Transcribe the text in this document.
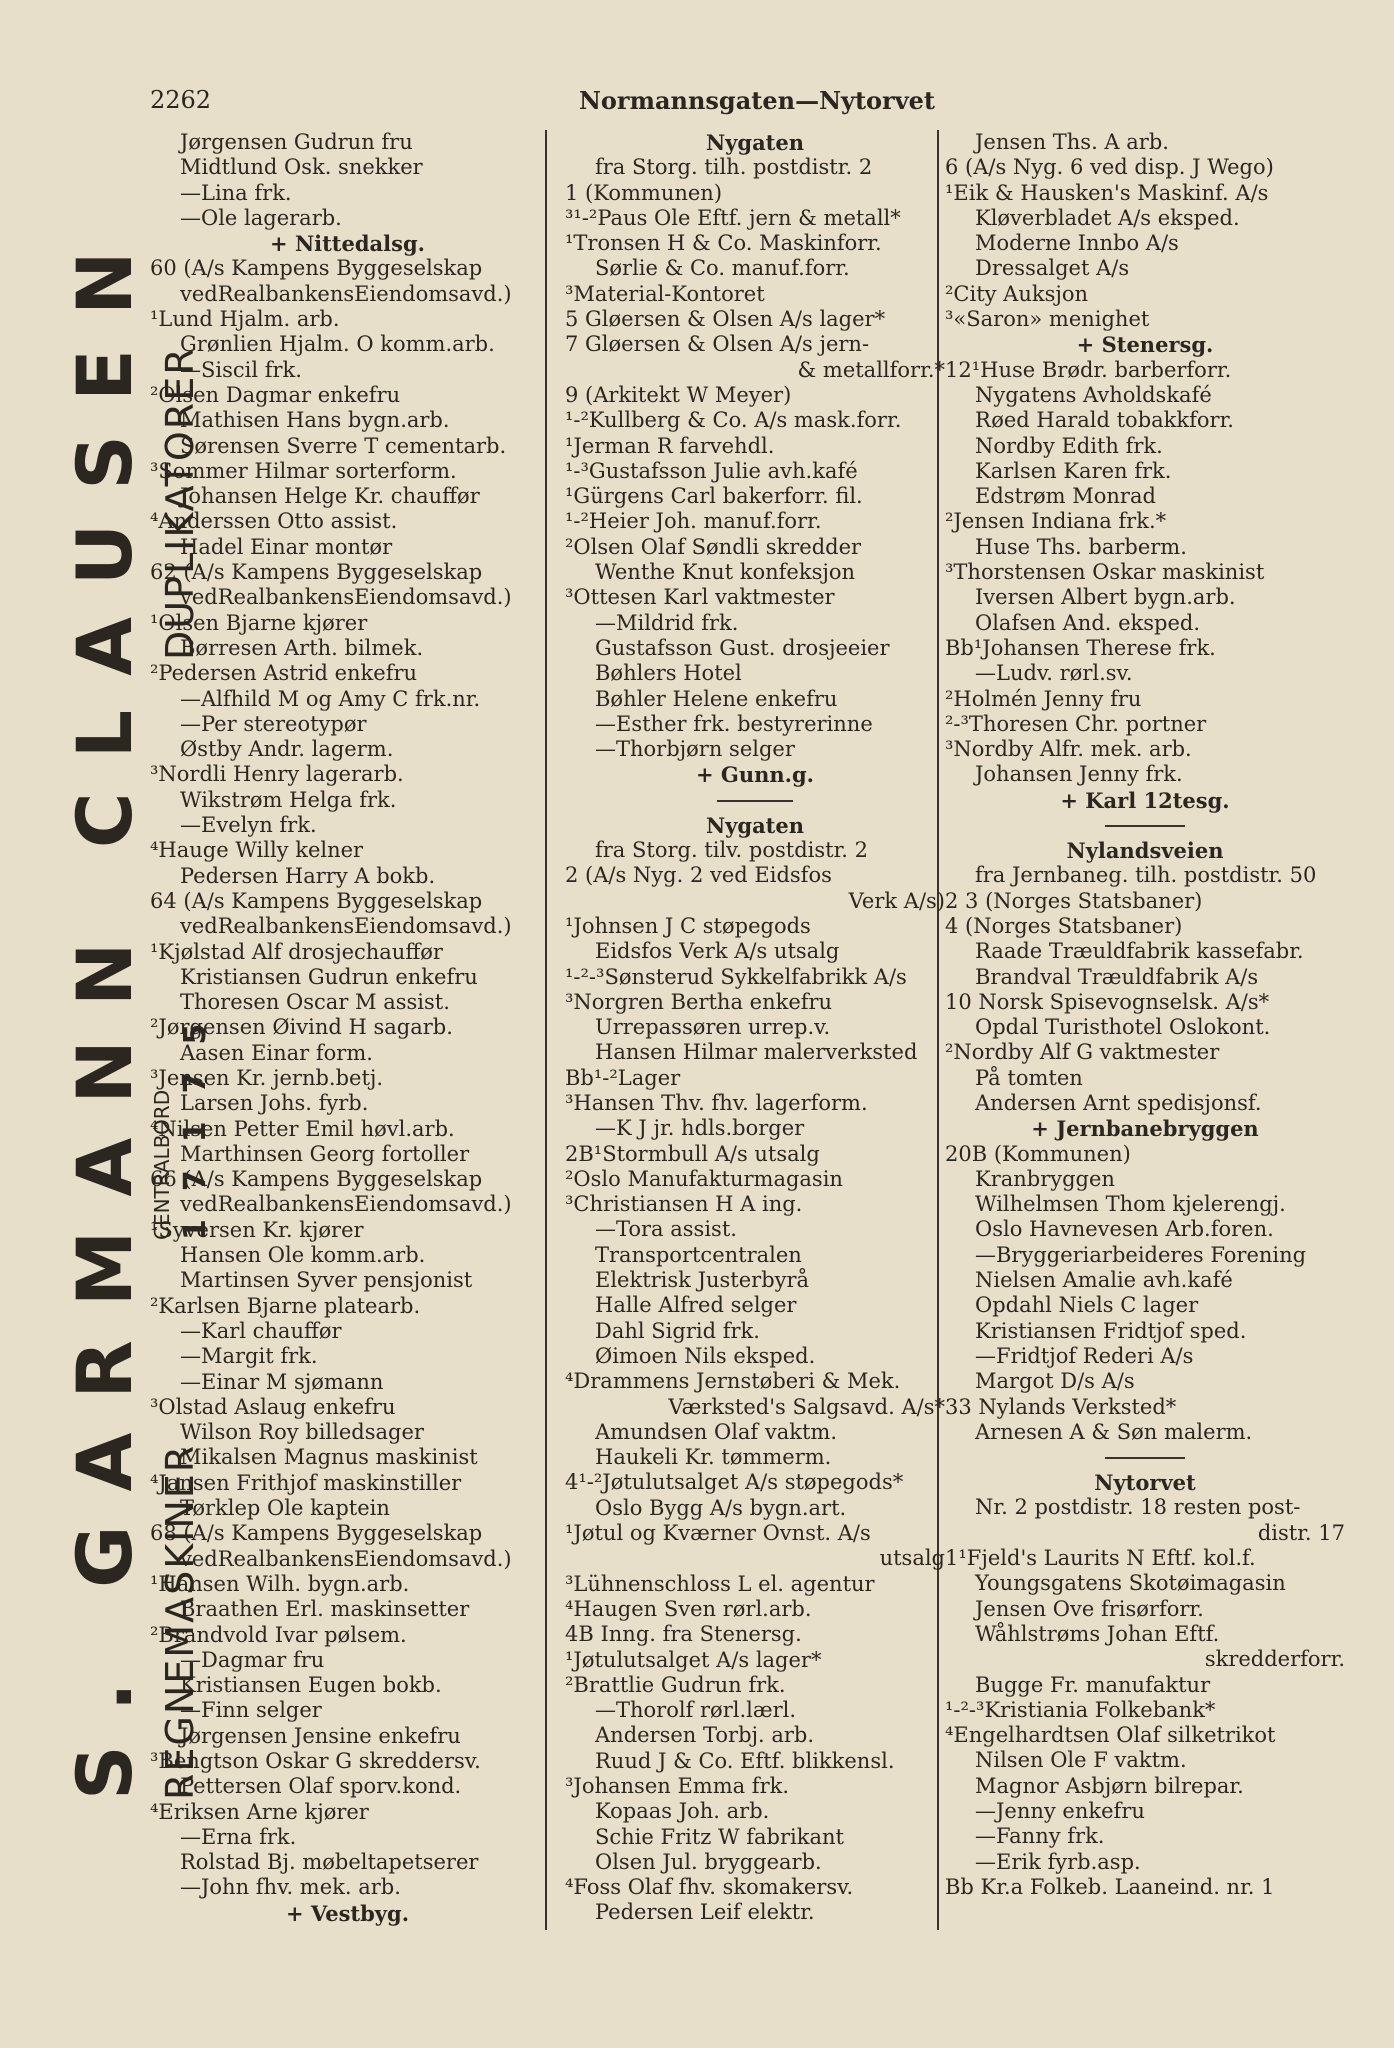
2262	Normannsgaten—Nytorvet
S. GARMANN CLAUSEN REGNEMASKINER
DUPLIKATORER
CENTRALBORD 17175
Jørgensen Gudrun fru
Midtlund Osk. snekker
—Lina frk.
—Ole lagerarb.
+ Nittedalsg.
60 (A/s Kampens Byggeselskap
vedRealbankensEiendomsavd.)
¹Lund Hjalm. arb.
Grønlien Hjalm. O komm.arb.
—Siscil frk.
²Olsen Dagmar enkefru
Mathisen Hans bygn.arb.
Sørensen Sverre T cementarb.
³Sommer Hilmar sorterform.
Johansen Helge Kr. chauffør
⁴Anderssen Otto assist.
Hadel Einar montør
62 (A/s Kampens Byggeselskap
vedRealbankensEiendomsavd.)
¹Olsen Bjarne kjører
Børresen Arth. bilmek.
²Pedersen Astrid enkefru
—Alfhild M og Amy C frk.nr.
—Per stereotypør
Østby Andr. lagerm.
³Nordli Henry lagerarb.
Wikstrøm Helga frk.
—Evelyn frk.
⁴Hauge Willy kelner
Pedersen Harry A bokb.
64 (A/s Kampens Byggeselskap
vedRealbankensEiendomsavd.)
¹Kjølstad Alf drosjechauffør
Kristiansen Gudrun enkefru
Thoresen Oscar M assist.
²Jørgensen Øivind H sagarb.
Aasen Einar form.
³Jensen Kr. jernb.betj.
Larsen Johs. fyrb.
⁴Nilsen Petter Emil høvl.arb.
Marthinsen Georg fortoller
66 (A/s Kampens Byggeselskap
vedRealbankensEiendomsavd.)
¹Syversen Kr. kjører
Hansen Ole komm.arb.
Martinsen Syver pensjonist
²Karlsen Bjarne platearb.
—Karl chauffør
—Margit frk.
—Einar M sjømann
³Olstad Aslaug enkefru
Wilson Roy billedsager
Mikalsen Magnus maskinist
⁴Jansen Frithjof maskinstiller
Tørklep Ole kaptein
68 (A/s Kampens Byggeselskap
vedRealbankensEiendomsavd.)
¹Hansen Wilh. bygn.arb.
Braathen Erl. maskinsetter
²Brandvold Ivar pølsem.
—Dagmar fru
Kristiansen Eugen bokb.
—Finn selger
Jørgensen Jensine enkefru
³Bengtson Oskar G skreddersv.
Pettersen Olaf sporv.kond.
⁴Eriksen Arne kjører
—Erna frk.
Rolstad Bj. møbeltapetserer
—John fhv. mek. arb.
+ Vestbyg.
Nygaten
fra Storg. tilh. postdistr. 2
1 (Kommunen)
³¹-²Paus Ole Eftf. jern & metall*
¹Tronsen H & Co. Maskinforr.
Sørlie & Co. manuf.forr.
³Material-Kontoret
5 Gløersen & Olsen A/s lager*
7 Gløersen & Olsen A/s jern-
& metallforr.*
9 (Arkitekt W Meyer)
¹-²Kullberg & Co. A/s mask.forr.
¹Jerman R farvehdl.
¹-³Gustafsson Julie avh.kafé
¹Gürgens Carl bakerforr. fil.
¹-²Heier Joh. manuf.forr.
²Olsen Olaf Søndli skredder
Wenthe Knut konfeksjon
³Ottesen Karl vaktmester
—Mildrid frk.
Gustafsson Gust. drosjeeier
Bøhlers Hotel
Bøhler Helene enkefru
—Esther frk. bestyrerinne
—Thorbjørn selger
+ Gunn.g.
Nygaten
fra Storg. tilv. postdistr. 2
2 (A/s Nyg. 2 ved Eidsfos
Verk A/s)
¹Johnsen J C støpegods
Eidsfos Verk A/s utsalg
¹-²-³Sønsterud Sykkelfabrikk A/s
³Norgren Bertha enkefru
Urrepassøren urrep.v.
Hansen Hilmar malerverksted
Bb¹-²Lager
³Hansen Thv. fhv. lagerform.
—K J jr. hdls.borger
2B¹Stormbull A/s utsalg
²Oslo Manufakturmagasin
³Christiansen H A ing.
—Tora assist.
Transportcentralen
Elektrisk Justerbyrå
Halle Alfred selger
Dahl Sigrid frk.
Øimoen Nils eksped.
⁴Drammens Jernstøberi & Mek.
Værksted's Salgsavd. A/s*
Amundsen Olaf vaktm.
Haukeli Kr. tømmerm.
4¹-²Jøtulutsalget A/s støpegods*
Oslo Bygg A/s bygn.art.
¹Jøtul og Kværner Ovnst. A/s
utsalg
³Lühnenschloss L el. agentur
⁴Haugen Sven rørl.arb.
4B Inng. fra Stenersg.
¹Jøtulutsalget A/s lager*
²Brattlie Gudrun frk.
—Thorolf rørl.lærl.
Andersen Torbj. arb.
Ruud J & Co. Eftf. blikkensl.
³Johansen Emma frk.
Kopaas Joh. arb.
Schie Fritz W fabrikant
Olsen Jul. bryggearb.
⁴Foss Olaf fhv. skomakersv.
Pedersen Leif elektr.
Jensen Ths. A arb.
6 (A/s Nyg. 6 ved disp. J Wego)
¹Eik & Hausken's Maskinf. A/s
Kløverbladet A/s eksped.
Moderne Innbo A/s
Dressalget A/s
²City Auksjon
³«Saron» menighet
+ Stenersg.
12¹Huse Brødr. barberforr.
Nygatens Avholdskafé
Røed Harald tobakkforr.
Nordby Edith frk.
Karlsen Karen frk.
Edstrøm Monrad
²Jensen Indiana frk.*
Huse Ths. barberm.
³Thorstensen Oskar maskinist
Iversen Albert bygn.arb.
Olafsen And. eksped.
Bb¹Johansen Therese frk.
—Ludv. rørl.sv.
²Holmén Jenny fru
²-³Thoresen Chr. portner
³Nordby Alfr. mek. arb.
Johansen Jenny frk.
+ Karl 12tesg.
Nylandsveien
fra Jernbaneg. tilh. postdistr. 50
2 3 (Norges Statsbaner)
4 (Norges Statsbaner)
Raade Træuldfabrik kassefabr.
Brandval Træuldfabrik A/s
10 Norsk Spisevognselsk. A/s*
Opdal Turisthotel Oslokont.
²Nordby Alf G vaktmester
På tomten
Andersen Arnt spedisjonsf.
+ Jernbanebryggen
20B (Kommunen)
Kranbryggen
Wilhelmsen Thom kjelerengj.
Oslo Havnevesen Arb.foren.
—Bryggeriarbeideres Forening
Nielsen Amalie avh.kafé
Opdahl Niels C lager
Kristiansen Fridtjof sped.
—Fridtjof Rederi A/s
Margot D/s A/s
33 Nylands Verksted*
Arnesen A & Søn malerm.
Nytorvet
Nr. 2 postdistr. 18 resten post-
distr. 17
1¹Fjeld's Laurits N Eftf. kol.f.
Youngsgatens Skotøimagasin
Jensen Ove frisørforr.
Wåhlstrøms Johan Eftf.
skredderforr.
Bugge Fr. manufaktur
¹-²-³Kristiania Folkebank*
⁴Engelhardtsen Olaf silketrikot
Nilsen Ole F vaktm.
Magnor Asbjørn bilrepar.
—Jenny enkefru
—Fanny frk.
—Erik fyrb.asp.
Bb Kr.a Folkeb. Laaneind. nr. 1
